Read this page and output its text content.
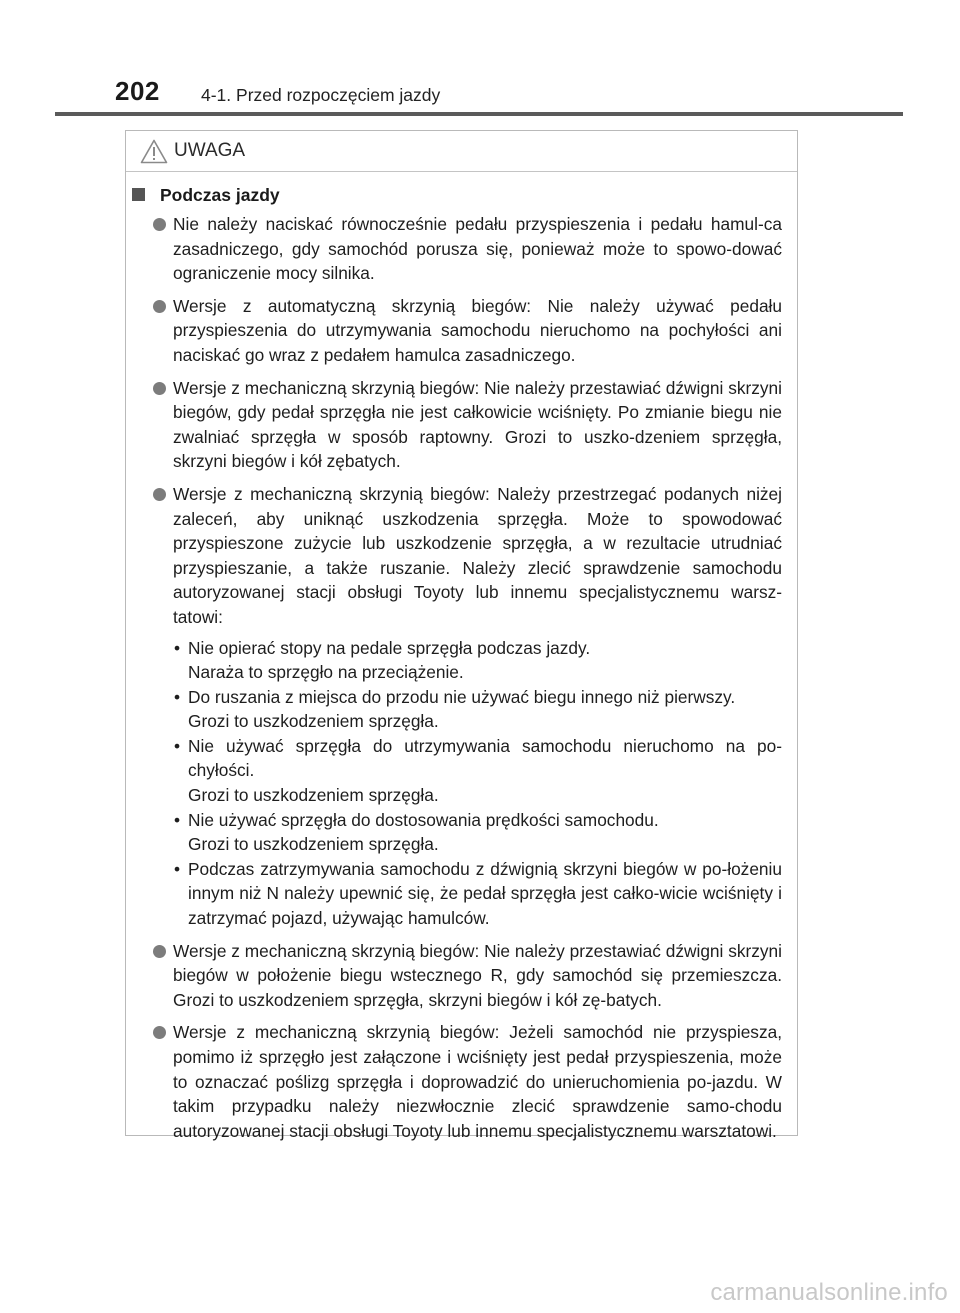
202 4-1. Przed rozpoczęciem jazdy
UWAGA
Podczas jazdy
Nie należy naciskać równocześnie pedału przyspieszenia i pedału hamul-ca zasadniczego, gdy samochód porusza się, ponieważ może to spowo-dować ograniczenie mocy silnika.
Wersje z automatyczną skrzynią biegów: Nie należy używać pedału przyspieszenia do utrzymywania samochodu nieruchomo na pochyłości ani naciskać go wraz z pedałem hamulca zasadniczego.
Wersje z mechaniczną skrzynią biegów: Nie należy przestawiać dźwigni skrzyni biegów, gdy pedał sprzęgła nie jest całkowicie wciśnięty. Po zmianie biegu nie zwalniać sprzęgła w sposób raptowny. Grozi to uszko-dzeniem sprzęgła, skrzyni biegów i kół zębatych.
Wersje z mechaniczną skrzynią biegów: Należy przestrzegać podanych niżej zaleceń, aby uniknąć uszkodzenia sprzęgła. Może to spowodować przyspieszone zużycie lub uszkodzenie sprzęgła, a w rezultacie utrudniać przyspieszanie, a także ruszanie. Należy zlecić sprawdzenie samochodu autoryzowanej stacji obsługi Toyoty lub innemu specjalistycznemu warsz-tatowi:
• Nie opierać stopy na pedale sprzęgła podczas jazdy.
Naraża to sprzęgło na przeciążenie.
• Do ruszania z miejsca do przodu nie używać biegu innego niż pierwszy.
Grozi to uszkodzeniem sprzęgła.
• Nie używać sprzęgła do utrzymywania samochodu nieruchomo na po-chyłości.
Grozi to uszkodzeniem sprzęgła.
• Nie używać sprzęgła do dostosowania prędkości samochodu.
Grozi to uszkodzeniem sprzęgła.
• Podczas zatrzymywania samochodu z dźwignią skrzyni biegów w po-łożeniu innym niż N należy upewnić się, że pedał sprzęgła jest całko-wicie wciśnięty i zatrzymać pojazd, używając hamulców.
Wersje z mechaniczną skrzynią biegów: Nie należy przestawiać dźwigni skrzyni biegów w położenie biegu wstecznego R, gdy samochód się przemieszcza. Grozi to uszkodzeniem sprzęgła, skrzyni biegów i kół zę-batych.
Wersje z mechaniczną skrzynią biegów: Jeżeli samochód nie przyspiesza, pomimo iż sprzęgło jest załączone i wciśnięty jest pedał przyspieszenia, może to oznaczać poślizg sprzęgła i doprowadzić do unieruchomienia po-jazdu. W takim przypadku należy niezwłocznie zlecić sprawdzenie samo-chodu autoryzowanej stacji obsługi Toyoty lub innemu specjalistycznemu warsztatowi.
carmanualsonline.info
